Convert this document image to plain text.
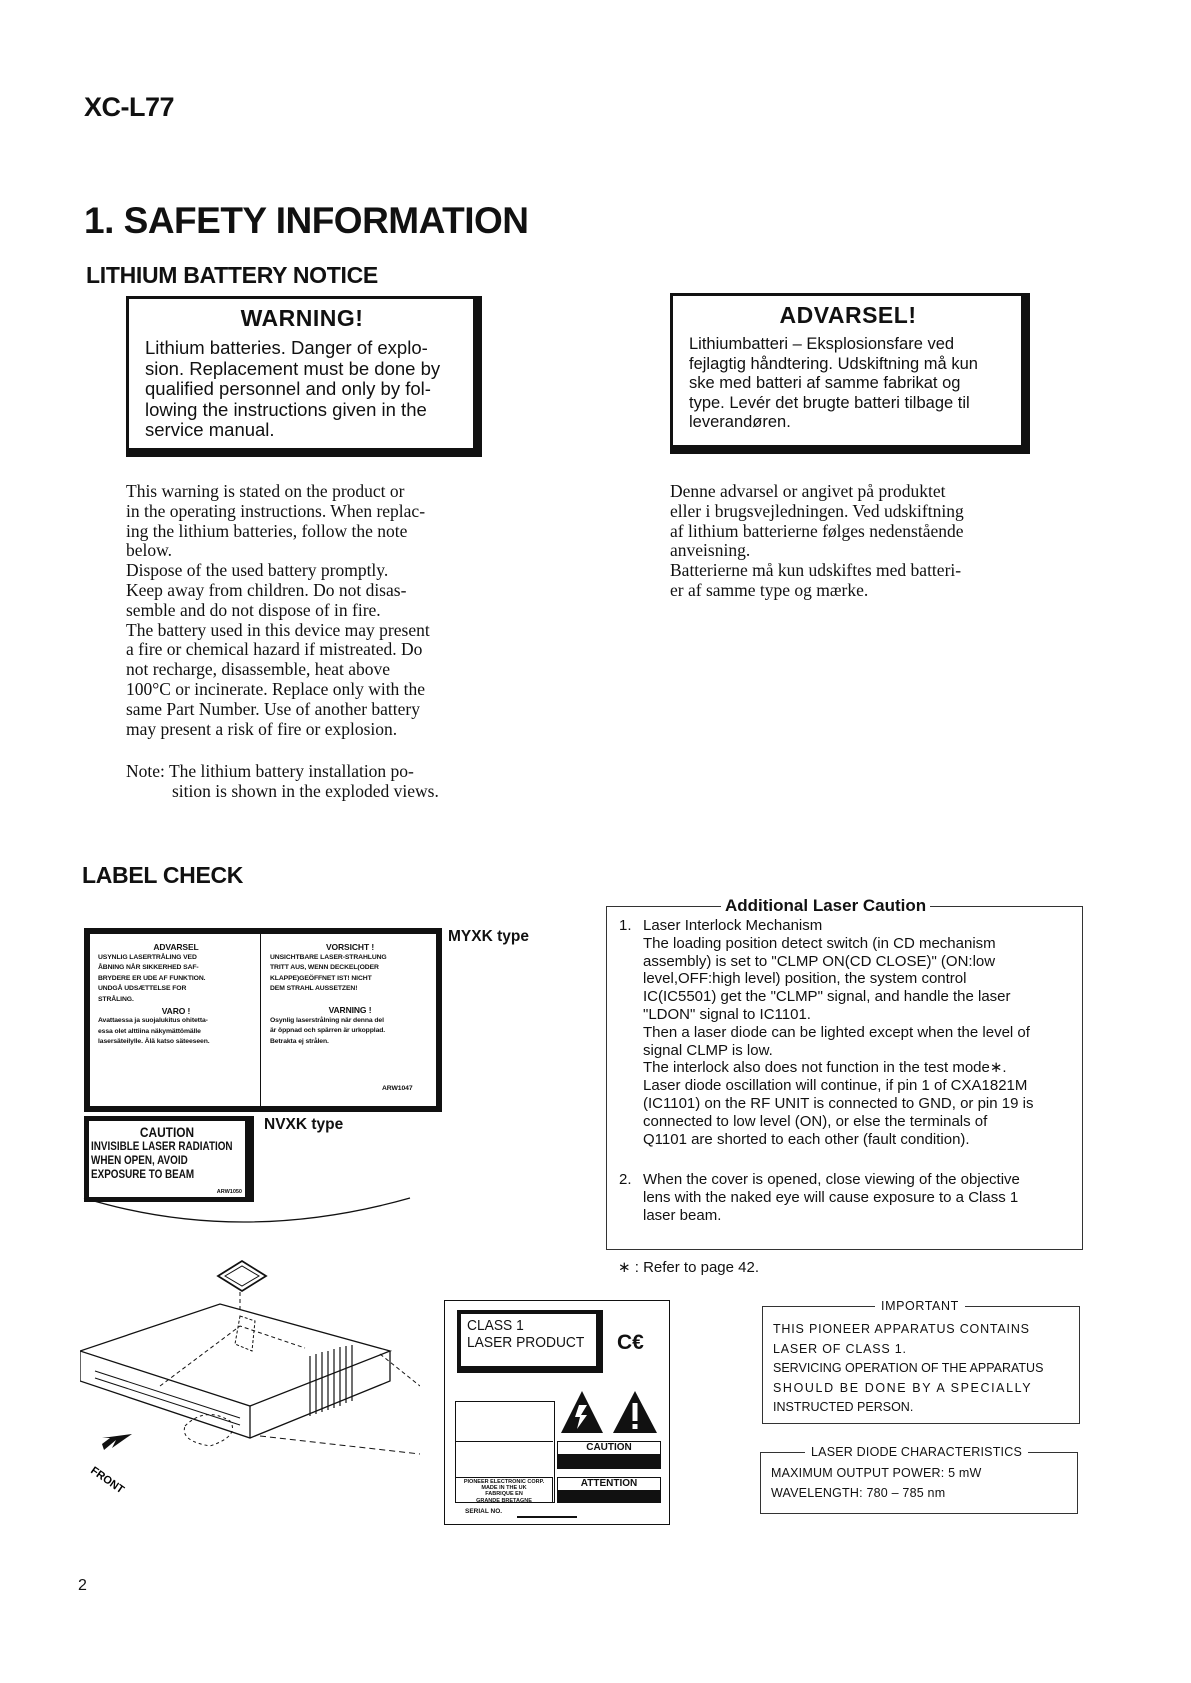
XC-L77
1. SAFETY INFORMATION
LITHIUM BATTERY NOTICE
WARNING!
Lithium batteries. Danger of explo-
sion. Replacement must be done by
qualified personnel and only by fol-
lowing the instructions given in the
service manual.
ADVARSEL!
Lithiumbatteri – Eksplosionsfare ved
fejlagtig håndtering. Udskiftning må kun
ske med batteri af samme fabrikat og
type. Levér det brugte batteri tilbage til
leverandøren.

This warning is stated on the product or

in the operating instructions. When replac-

ing the lithium batteries, follow the note

below.

Dispose of the used battery promptly.

Keep away from children. Do not disas-

semble and do not dispose of in fire.

The battery used in this device may present

a fire or chemical hazard if mistreated. Do

not recharge, disassemble, heat above

100°C or incinerate. Replace only with the

same Part Number. Use of another battery

may present a risk of fire or explosion.

Note: The lithium battery installation po-
sition is shown in the exploded views.

Denne advarsel or angivet på produktet

eller i brugsvejledningen. Ved udskiftning

af lithium batterierne følges nedenstående

anveisning.

Batterierne må kun udskiftes med batteri-

er af samme type og mærke.

LABEL CHECK
ADVARSEL
USYNLIG LASERTRÅLING VED
ÅBNING NÅR SIKKERHED SAF-
BRYDERE ER UDE AF FUNKTION.
UNDGÅ UDSÆTTELSE FOR
STRÅLING.
VARO !
Avattaessa ja suojalukitus ohitetta-
essa olet alttiina näkymättömälle
lasersäteilylle. Älä katso säteeseen.
VORSICHT !
UNSICHTBARE LASER-STRAHLUNG
TRITT AUS, WENN DECKEL(ODER
KLAPPE)GEÖFFNET IST! NICHT
DEM STRAHL AUSSETZEN!
VARNING !
Osynlig laserstrålning när denna del
är öppnad och spärren är urkopplad.
Betrakta ej strålen.
ARW1047
MYXK type
CAUTION
INVISIBLE LASER RADIATION
WHEN OPEN, AVOID
EXPOSURE TO BEAM
ARW1050
NVXK type
FRONT
CLASS 1
LASER PRODUCT C€
CAUTION
ATTENTION
PIONEER ELECTRONIC CORP.
MADE IN THE UK
FABRIQUE EN
GRANDE BRETAGNE
SERIAL NO.
Additional Laser Caution
1. Laser Interlock Mechanism
The loading position detect switch (in CD mechanism
assembly) is set to "CLMP ON(CD CLOSE)" (ON:low
level,OFF:high level) position, the system control
IC(IC5501) get the "CLMP" signal, and handle the laser
"LDON" signal to IC1101.
Then a laser diode can be lighted except when the level of
signal CLMP is low.
The interlock also does not function in the test mode∗.
Laser diode oscillation will continue, if pin 1 of CXA1821M
(IC1101) on the RF UNIT is connected to GND, or pin 19 is
connected to low level (ON), or else the terminals of
Q1101 are shorted to each other (fault condition).
2. When the cover is opened, close viewing of the objective
lens with the naked eye will cause exposure to a Class 1
laser beam.
∗ : Refer to page 42.
IMPORTANT
THIS PIONEER APPARATUS CONTAINS
LASER OF CLASS 1.
SERVICING OPERATION OF THE APPARATUS
SHOULD BE DONE BY A SPECIALLY
INSTRUCTED PERSON.
LASER DIODE CHARACTERISTICS
MAXIMUM OUTPUT POWER: 5 mW
WAVELENGTH: 780 – 785 nm
2
